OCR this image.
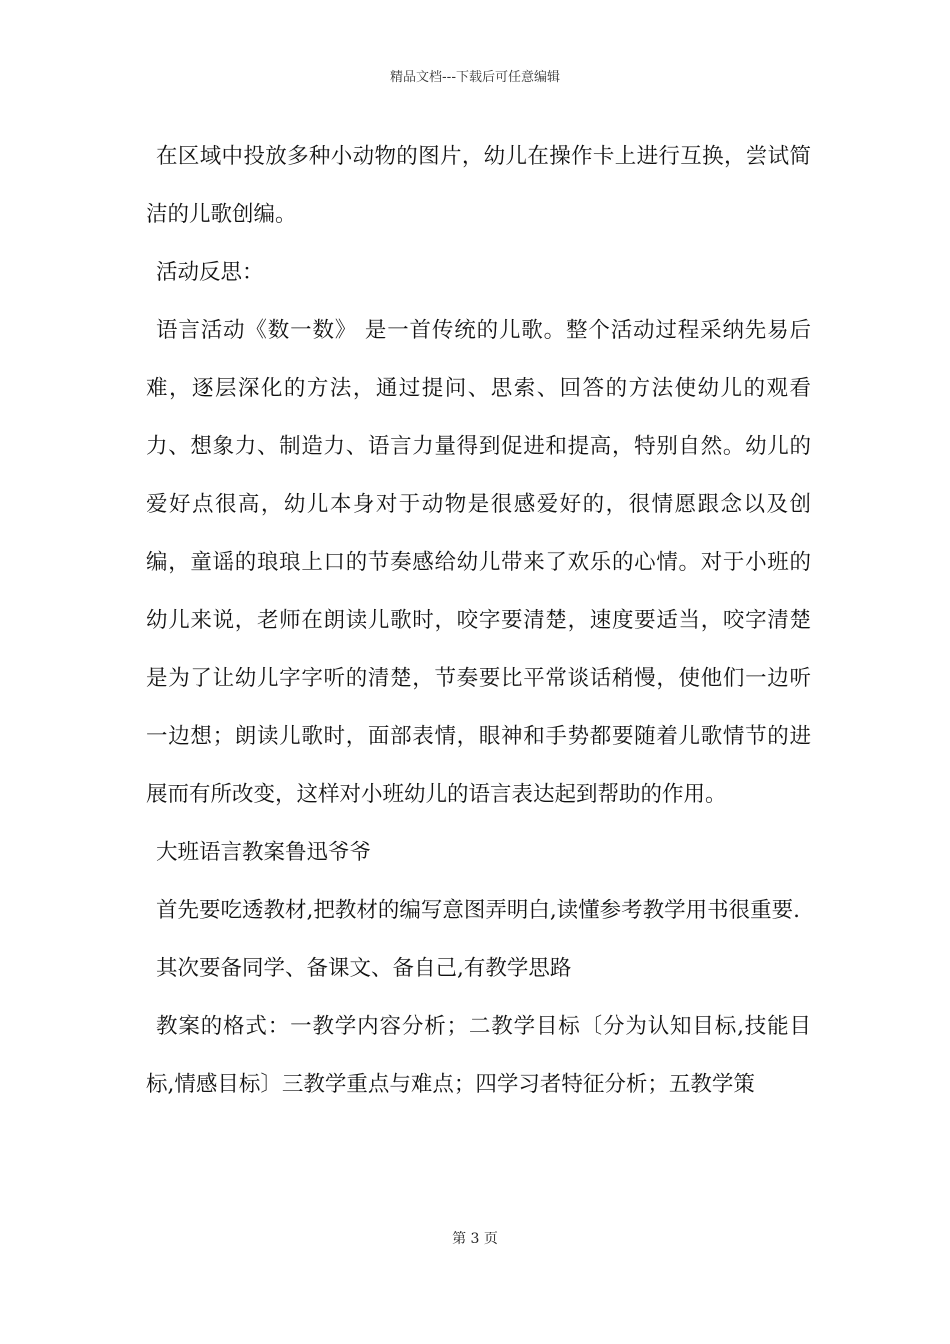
精品文档---下载后可任意编辑

在区域中投放多种小动物的图片，幼儿在操作卡上进行互换，尝试简洁的儿歌创编。

活动反思：

语言活动《数一数》 是一首传统的儿歌。整个活动过程采纳先易后难，逐层深化的方法，通过提问、思索、回答的方法使幼儿的观看力、想象力、制造力、语言力量得到促进和提高，特别自然。幼儿的爱好点很高，幼儿本身对于动物是很感爱好的，很情愿跟念以及创编，童谣的琅琅上口的节奏感给幼儿带来了欢乐的心情。对于小班的幼儿来说，老师在朗读儿歌时，咬字要清楚，速度要适当，咬字清楚是为了让幼儿字字听的清楚，节奏要比平常谈话稍慢，使他们一边听一边想；朗读儿歌时，面部表情，眼神和手势都要随着儿歌情节的进展而有所改变，这样对小班幼儿的语言表达起到帮助的作用。

大班语言教案鲁迅爷爷

首先要吃透教材,把教材的编写意图弄明白,读懂参考教学用书很重要.

其次要备同学、备课文、备自己,有教学思路

教案的格式：一教学内容分析；二教学目标〔分为认知目标,技能目标,情感目标〕三教学重点与难点；四学习者特征分析；五教学策

第 3 页
